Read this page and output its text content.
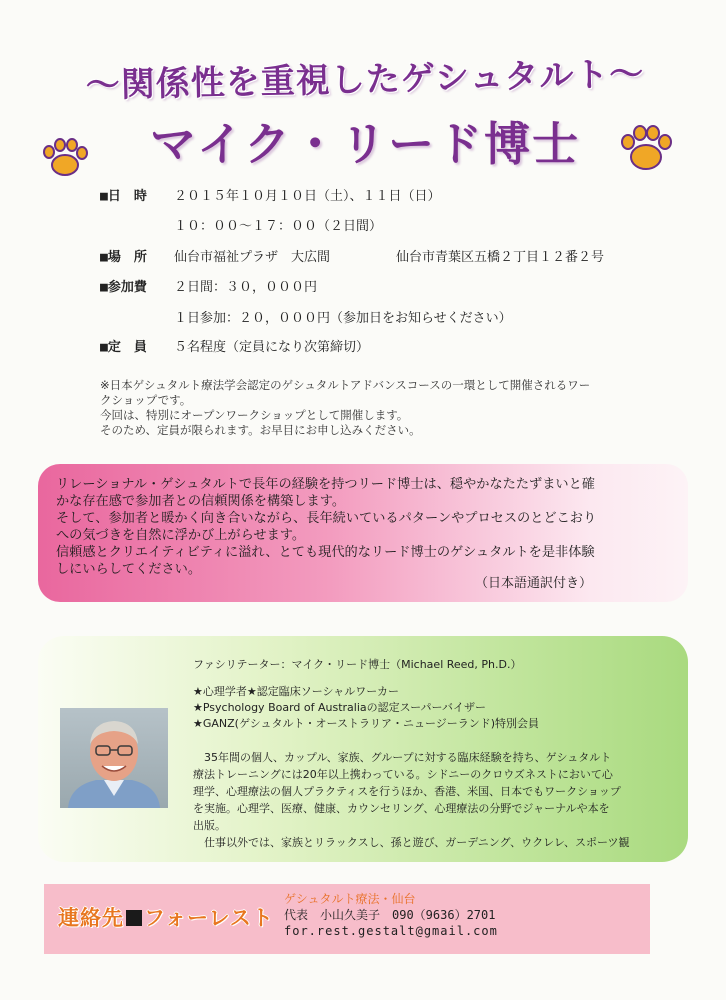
〜関係性を重視したゲシュタルト〜
マイク・リード博士
■日　時 ２０１５年１０月１０日（土）、１１日（日）
１０：００〜１７：００（２日間）
■場　所 仙台市福祉プラザ　大広間	仙台市青葉区五橋２丁目１２番２号
■参加費 ２日間：３０，０００円
１日参加：２０，０００円（参加日をお知らせください）
■定　員 ５名程度（定員になり次第締切）

※日本ゲシュタルト療法学会認定のゲシュタルトアドバンスコースの一環として開催されるワー

クショップです。

今回は、特別にオープンワークショップとして開催します。

そのため、定員が限られます。お早目にお申し込みください。

リレーショナル・ゲシュタルトで長年の経験を持つリード博士は、穏やかなたたずまいと確

かな存在感で参加者との信頼関係を構築します。

そして、参加者と暖かく向き合いながら、長年続いているパターンやプロセスのとどこおり

への気づきを自然に浮かび上がらせます。

信頼感とクリエイティビティに溢れ、とても現代的なリード博士のゲシュタルトを是非体験

しにいらしてください。

（日本語通訳付き）
ファシリテーター：マイク・リード博士（Michael Reed, Ph.D.）

★心理学者★認定臨床ソーシャルワーカー

★Psychology Board of Australiaの認定スーパーバイザー

★GANZ(ゲシュタルト・オーストラリア・ニュージーランド)特別会員

　35年間の個人、カップル、家族、グループに対する臨床経験を持ち、ゲシュタルト

療法トレーニングには20年以上携わっている。シドニーのクロウズネストにおいて心

理学、心理療法の個人プラクティスを行うほか、香港、米国、日本でもワークショップ

を実施。心理学、医療、健康、カウンセリング、心理療法の分野でジャーナルや本を

出版。

　仕事以外では、家族とリラックスし、孫と遊び、ガーデニング、ウクレレ、スポーツ観

連絡先 フォーレスト
ゲシュタルト療法・仙台
代表　小山久美子　090（9636）2701
for.rest.gestalt@gmail.com
